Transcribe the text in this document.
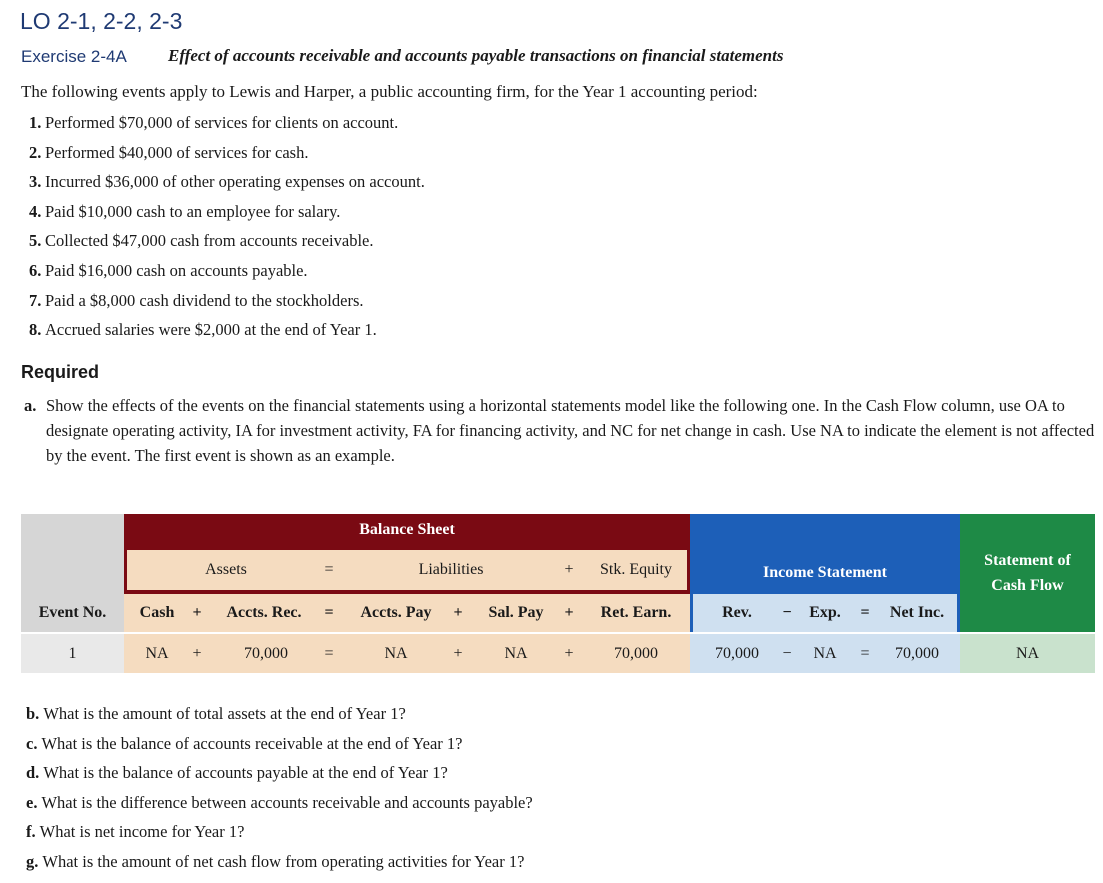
LO 2-1, 2-2, 2-3
Exercise 2-4A Effect of accounts receivable and accounts payable transactions on financial statements
The following events apply to Lewis and Harper, a public accounting firm, for the Year 1 accounting period:
1. Performed $70,000 of services for clients on account.
2. Performed $40,000 of services for cash.
3. Incurred $36,000 of other operating expenses on account.
4. Paid $10,000 cash to an employee for salary.
5. Collected $47,000 cash from accounts receivable.
6. Paid $16,000 cash on accounts payable.
7. Paid a $8,000 cash dividend to the stockholders.
8. Accrued salaries were $2,000 at the end of Year 1.
Required
a. Show the effects of the events on the financial statements using a horizontal statements model like the following one. In the Cash Flow column, use OA to designate operating activity, IA for investment activity, FA for financing activity, and NC for net change in cash. Use NA to indicate the element is not affected by the event. The first event is shown as an example.
Balance Sheet
Income Statement
Statement of Cash Flow
Assets	=	Liabilities	+	Stk. Equity
Event No.	Cash	+	Accts. Rec.	=	Accts. Pay	+	Sal. Pay	+	Ret. Earn.	Rev.	−	Exp.	=	Net Inc.
1	NA	+	70,000	=	NA	+	NA	+	70,000	70,000	−	NA	=	70,000	NA
b. What is the amount of total assets at the end of Year 1?
c. What is the balance of accounts receivable at the end of Year 1?
d. What is the balance of accounts payable at the end of Year 1?
e. What is the difference between accounts receivable and accounts payable?
f. What is net income for Year 1?
g. What is the amount of net cash flow from operating activities for Year 1?
